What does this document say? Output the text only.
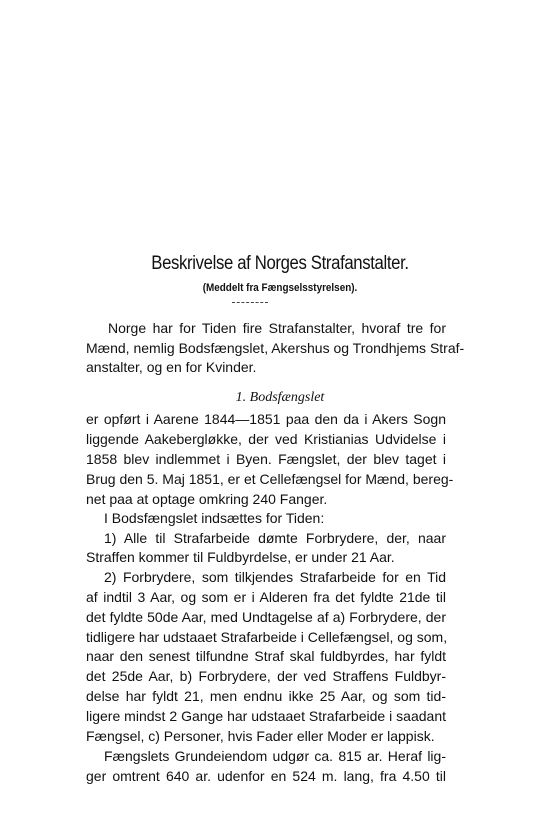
Beskrivelse af Norges Strafanstalter.
(Meddelt fra Fængselsstyrelsen).
Norge har for Tiden fire Strafanstalter, hvoraf tre for
Mænd, nemlig Bodsfængslet, Akershus og Trondhjems Straf-
anstalter, og en for Kvinder.
1. Bodsfængslet
er opført i Aarene 1844—1851 paa den da i Akers Sogn
liggende Aakebergløkke, der ved Kristianias Udvidelse i
1858 blev indlemmet i Byen. Fængslet, der blev taget i
Brug den 5. Maj 1851, er et Cellefængsel for Mænd, bereg-
net paa at optage omkring 240 Fanger.
I Bodsfængslet indsættes for Tiden:
1) Alle til Strafarbeide dømte Forbrydere, der, naar
Straffen kommer til Fuldbyrdelse, er under 21 Aar.
2) Forbrydere, som tilkjendes Strafarbeide for en Tid
af indtil 3 Aar, og som er i Alderen fra det fyldte 21de til
det fyldte 50de Aar, med Undtagelse af a) Forbrydere, der
tidligere har udstaaet Strafarbeide i Cellefængsel, og som,
naar den senest tilfundne Straf skal fuldbyrdes, har fyldt
det 25de Aar, b) Forbrydere, der ved Straffens Fuldbyr-
delse har fyldt 21, men endnu ikke 25 Aar, og som tid-
ligere mindst 2 Gange har udstaaet Strafarbeide i saadant
Fængsel, c) Personer, hvis Fader eller Moder er lappisk.
Fængslets Grundeiendom udgør ca. 815 ar. Heraf lig-
ger omtrent 640 ar. udenfor en 524 m. lang, fra 4.50 til
